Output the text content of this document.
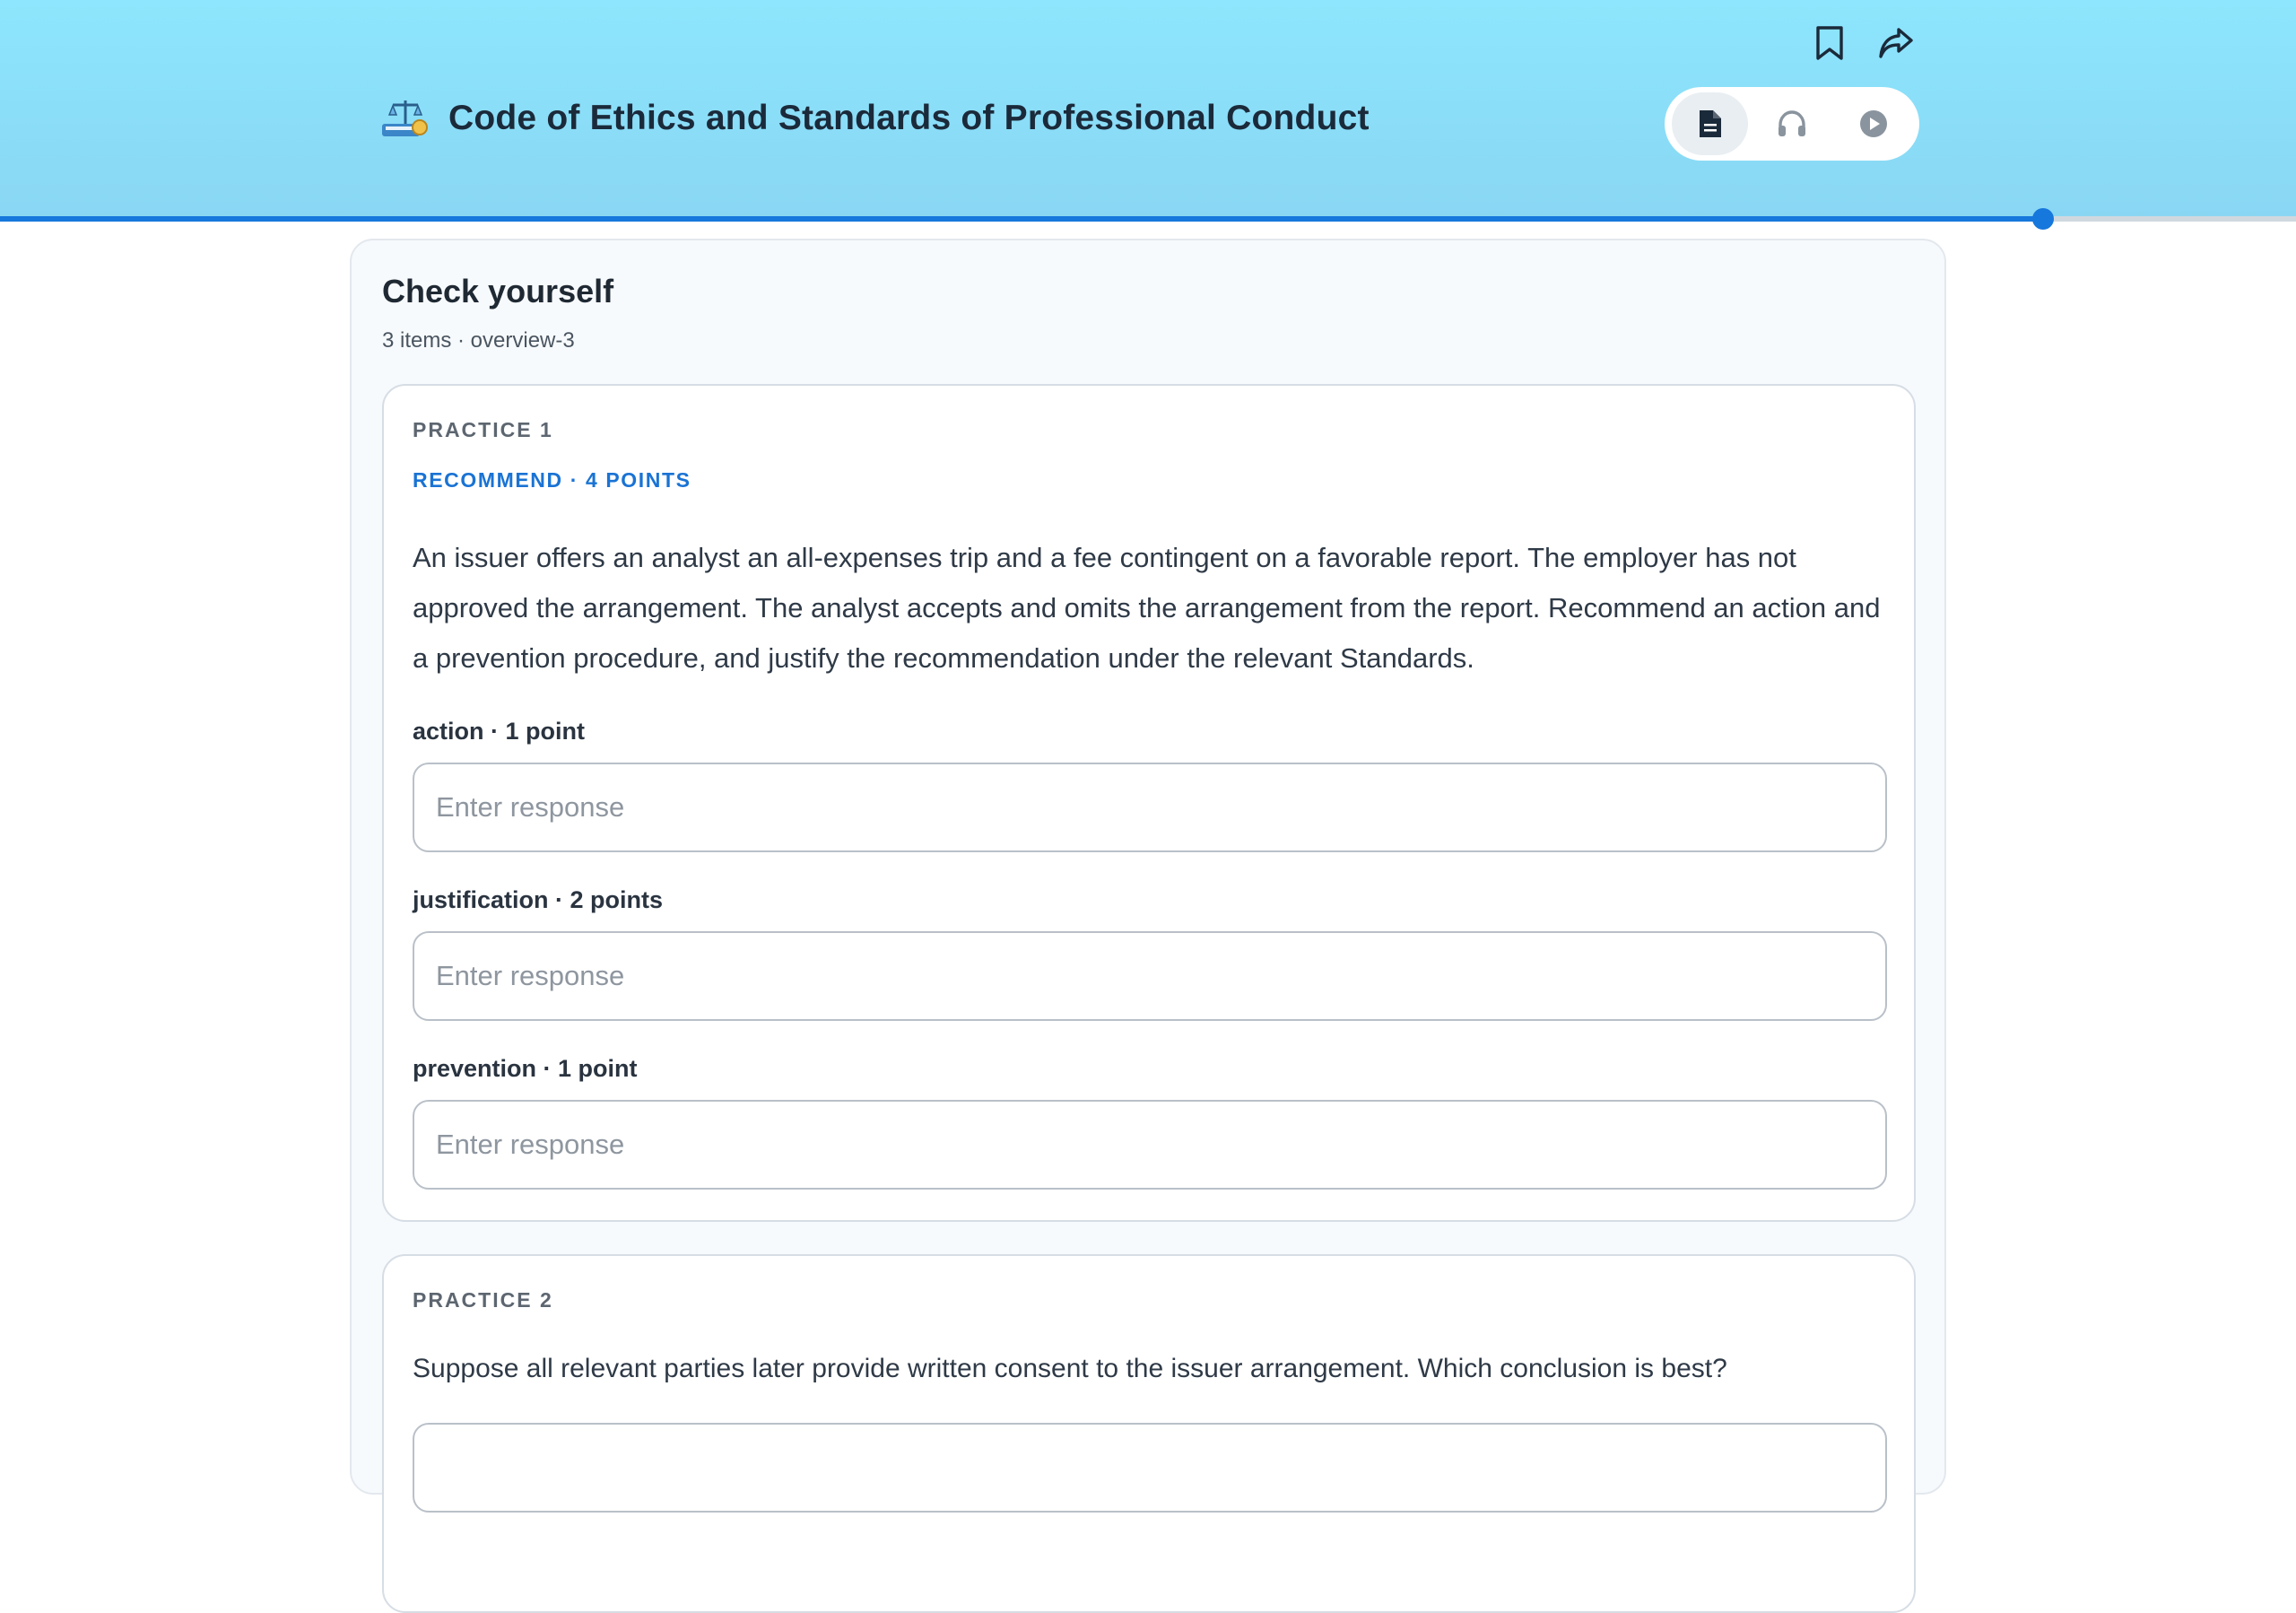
Code of Ethics and Standards of Professional Conduct
Check yourself
3 items · overview-3
PRACTICE 1
RECOMMEND · 4 POINTS
An issuer offers an analyst an all-expenses trip and a fee contingent on a favorable report. The employer has not approved the arrangement. The analyst accepts and omits the arrangement from the report. Recommend an action and a prevention procedure, and justify the recommendation under the relevant Standards.
action · 1 point
Enter response
justification · 2 points
Enter response
prevention · 1 point
Enter response
PRACTICE 2
Suppose all relevant parties later provide written consent to the issuer arrangement. Which conclusion is best?
